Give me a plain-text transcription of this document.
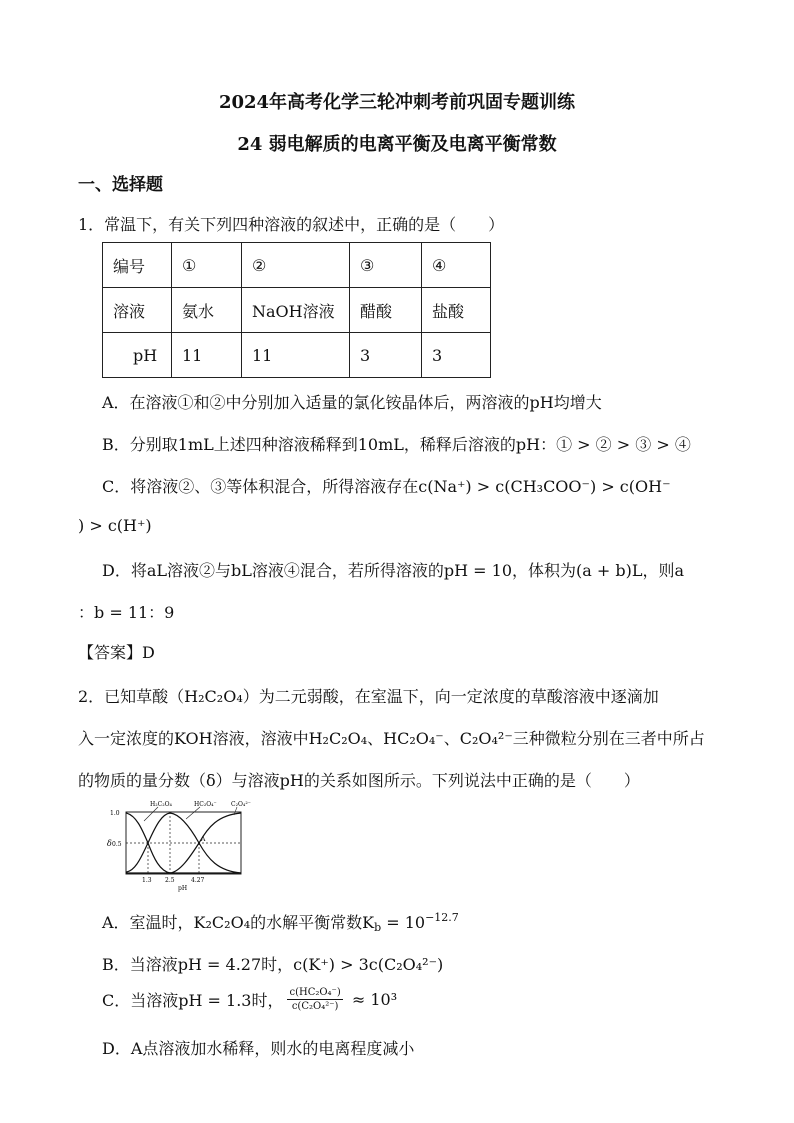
2024年高考化学三轮冲刺考前巩固专题训练
24 弱电解质的电离平衡及电离平衡常数
一、选择题
1．常温下，有关下列四种溶液的叙述中，正确的是（　　）
编号	①	②	③	④
溶液	氨水	NaOH溶液	醋酸	盐酸
pH	11	11	3	3
A．在溶液①和②中分别加入适量的氯化铵晶体后，两溶液的pH均增大
B．分别取1mL上述四种溶液稀释到10mL，稀释后溶液的pH：① > ② > ③ > ④
C．将溶液②、③等体积混合，所得溶液存在c(Na⁺) > c(CH₃COO⁻) > c(OH⁻
) > c(H⁺)
D．将aL溶液②与bL溶液④混合，若所得溶液的pH = 10，体积为(a + b)L，则a
：b = 11：9
【答案】D
2．已知草酸（H₂C₂O₄）为二元弱酸，在室温下，向一定浓度的草酸溶液中逐滴加
入一定浓度的KOH溶液，溶液中H₂C₂O₄、HC₂O₄⁻、C₂O₄²⁻三种微粒分别在三者中所占
的物质的量分数（δ）与溶液pH的关系如图所示。下列说法中正确的是（　　）
δ
1.0
0.5
1.3 2.5	4.27
pH
H₂C₂O₄	HC₂O₄⁻ C₂O₄²⁻
A
A．室温时，K₂C₂O₄的水解平衡常数$K_b = 10^{-12.7}$
B．当溶液pH = 4.27时，c(K⁺) > 3c(C₂O₄²⁻)
C．当溶液pH = 1.3时， $\frac{\text{c(HC₂O₄⁻)}}{\text{c(C₂O₄²⁻)}} \approx 10^3$
D．A点溶液加水稀释，则水的电离程度减小
